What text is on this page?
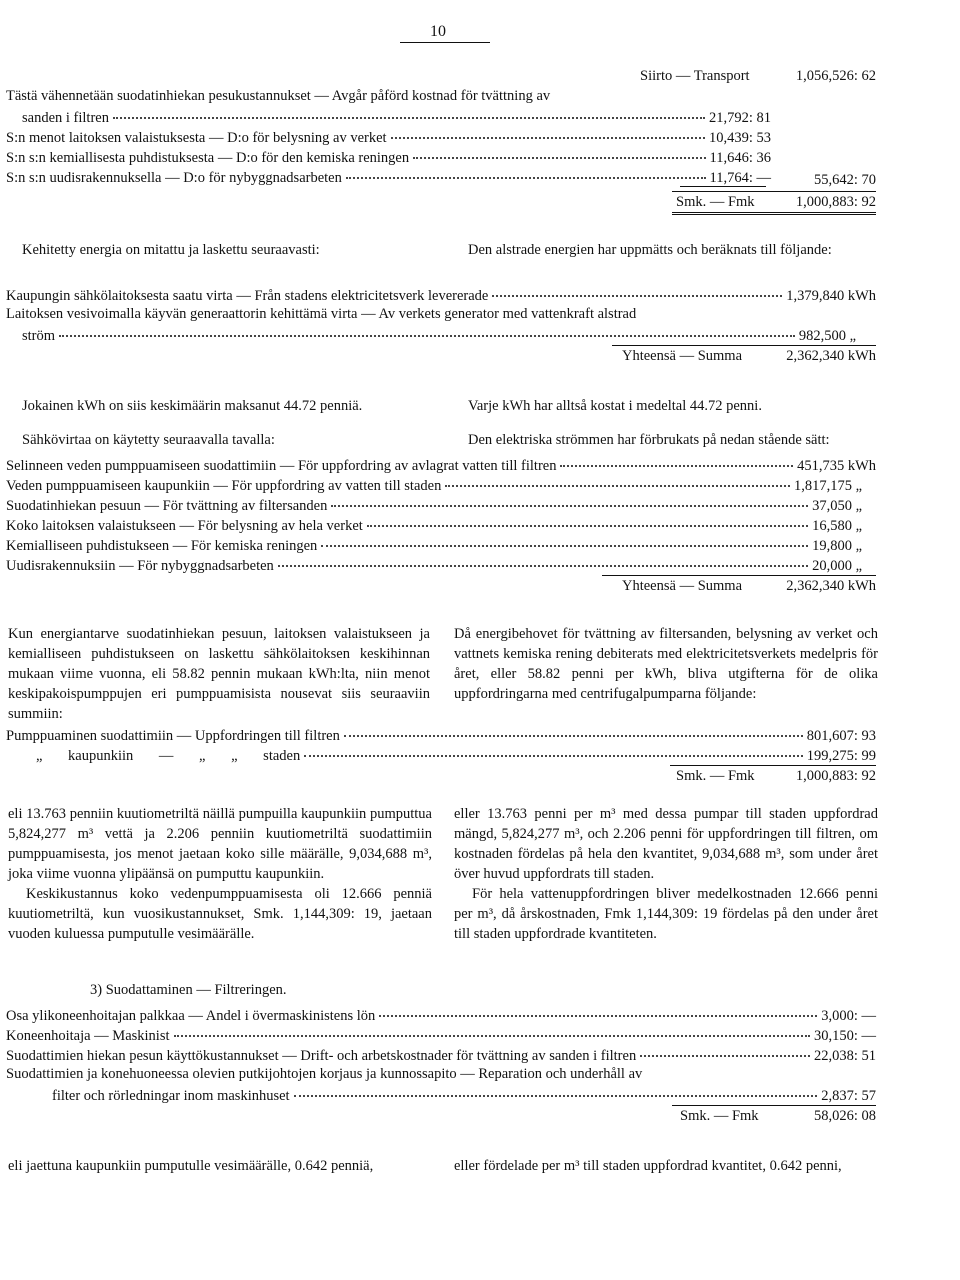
10
Siirto — Transport	1,056,526: 62
Tästä vähennetään suodatinhiekan pesukustannukset — Avgår påförd kostnad för tvättning av
sanden i filtren	21,792: 81
S:n menot laitoksen valaistuksesta — D:o för belysning av verket	10,439: 53
S:n s:n kemiallisesta puhdistuksesta — D:o för den kemiska reningen	11,646: 36
S:n s:n uudisrakennuksella — D:o för nybyggnadsarbeten	11,764: —	55,642: 70
Smk. — Fmk	1,000,883: 92
Kehitetty energia on mitattu ja laskettu seuraavasti:	Den alstrade energien har uppmätts och beräknats till följande:
Kaupungin sähkölaitoksesta saatu virta — Från stadens elektricitetsverk levererade	1,379,840 kWh
Laitoksen vesivoimalla käyvän generaattorin kehittämä virta — Av verkets generator med vattenkraft alstrad
ström	982,500 „
Yhteensä — Summa	2,362,340 kWh
Jokainen kWh on siis keskimäärin maksanut 44.72 penniä.	Varje kWh har alltså kostat i medeltal 44.72 penni.
Sähkövirtaa on käytetty seuraavalla tavalla:	Den elektriska strömmen har förbrukats på nedan stående sätt:
Selinneen veden pumppuamiseen suodattimiin — För uppfordring av avlagrat vatten till filtren	451,735 kWh
Veden pumppuamiseen kaupunkiin — För uppfordring av vatten till staden	1,817,175 „
Suodatinhiekan pesuun — För tvättning av filtersanden	37,050 „
Koko laitoksen valaistukseen — För belysning av hela verket	16,580 „
Kemialliseen puhdistukseen — För kemiska reningen	19,800 „
Uudisrakennuksiin — För nybyggnadsarbeten	20,000 „
Yhteensä — Summa	2,362,340 kWh
Kun energiantarve suodatinhiekan pesuun, laitoksen valaistukseen ja kemialliseen puhdistukseen on laskettu sähkölaitoksen keskihinnan mukaan viime vuonna, eli 58.82 pennin mukaan kWh:lta, niin menot keskipakoispumppujen eri pumppuamisista nousevat siis seuraaviin summiin:
Då energibehovet för tvättning av filtersanden, belysning av verket och vattnets kemiska rening debiterats med elektricitetsverkets medelpris för året, eller 58.82 penni per kWh, bliva utgifterna för de olika uppfordringarna med centrifugalpumparna följande:
Pumppuaminen suodattimiin — Uppfordringen till filtren	801,607: 93
„ kaupunkiin — „ „ staden	199,275: 99
Smk. — Fmk	1,000,883: 92

eli 13.763 penniin kuutiometriltä näillä pumpuilla kaupunkiin pumputtua 5,824,277 m³ vettä ja 2.206 penniin kuutiometriltä suodattimiin pumppuamisesta, jos menot jaetaan koko sille määrälle, 9,034,688 m³, joka viime vuonna ylipäänsä on pumputtu kaupunkiin.

Keskikustannus koko vedenpumppuamisesta oli 12.666 penniä kuutiometriltä, kun vuosikustannukset, Smk. 1,144,309: 19, jaetaan vuoden kuluessa pumputulle vesimäärälle.

eller 13.763 penni per m³ med dessa pumpar till staden uppfordrad mängd, 5,824,277 m³, och 2.206 penni för uppfordringen till filtren, om kostnaden fördelas på hela den kvantitet, 9,034,688 m³, som under året över huvud uppfordrats till staden.

För hela vattenuppfordringen bliver medelkostnaden 12.666 penni per m³, då årskostnaden, Fmk 1,144,309: 19 fördelas på den under året till staden uppfordrade kvantiteten.

3) Suodattaminen — Filtreringen.
Osa ylikoneenhoitajan palkkaa — Andel i övermaskinistens lön	3,000: —
Koneenhoitaja — Maskinist	30,150: —
Suodattimien hiekan pesun käyttökustannukset — Drift- och arbetskostnader för tvättning av sanden i filtren	22,038: 51
Suodattimien ja konehuoneessa olevien putkijohtojen korjaus ja kunnossapito — Reparation och underhåll av
filter och rörledningar inom maskinhuset	2,837: 57
Smk. — Fmk	58,026: 08
eli jaettuna kaupunkiin pumputulle vesimäärälle, 0.642 penniä,	eller fördelade per m³ till staden uppfordrad kvantitet, 0.642 penni,
